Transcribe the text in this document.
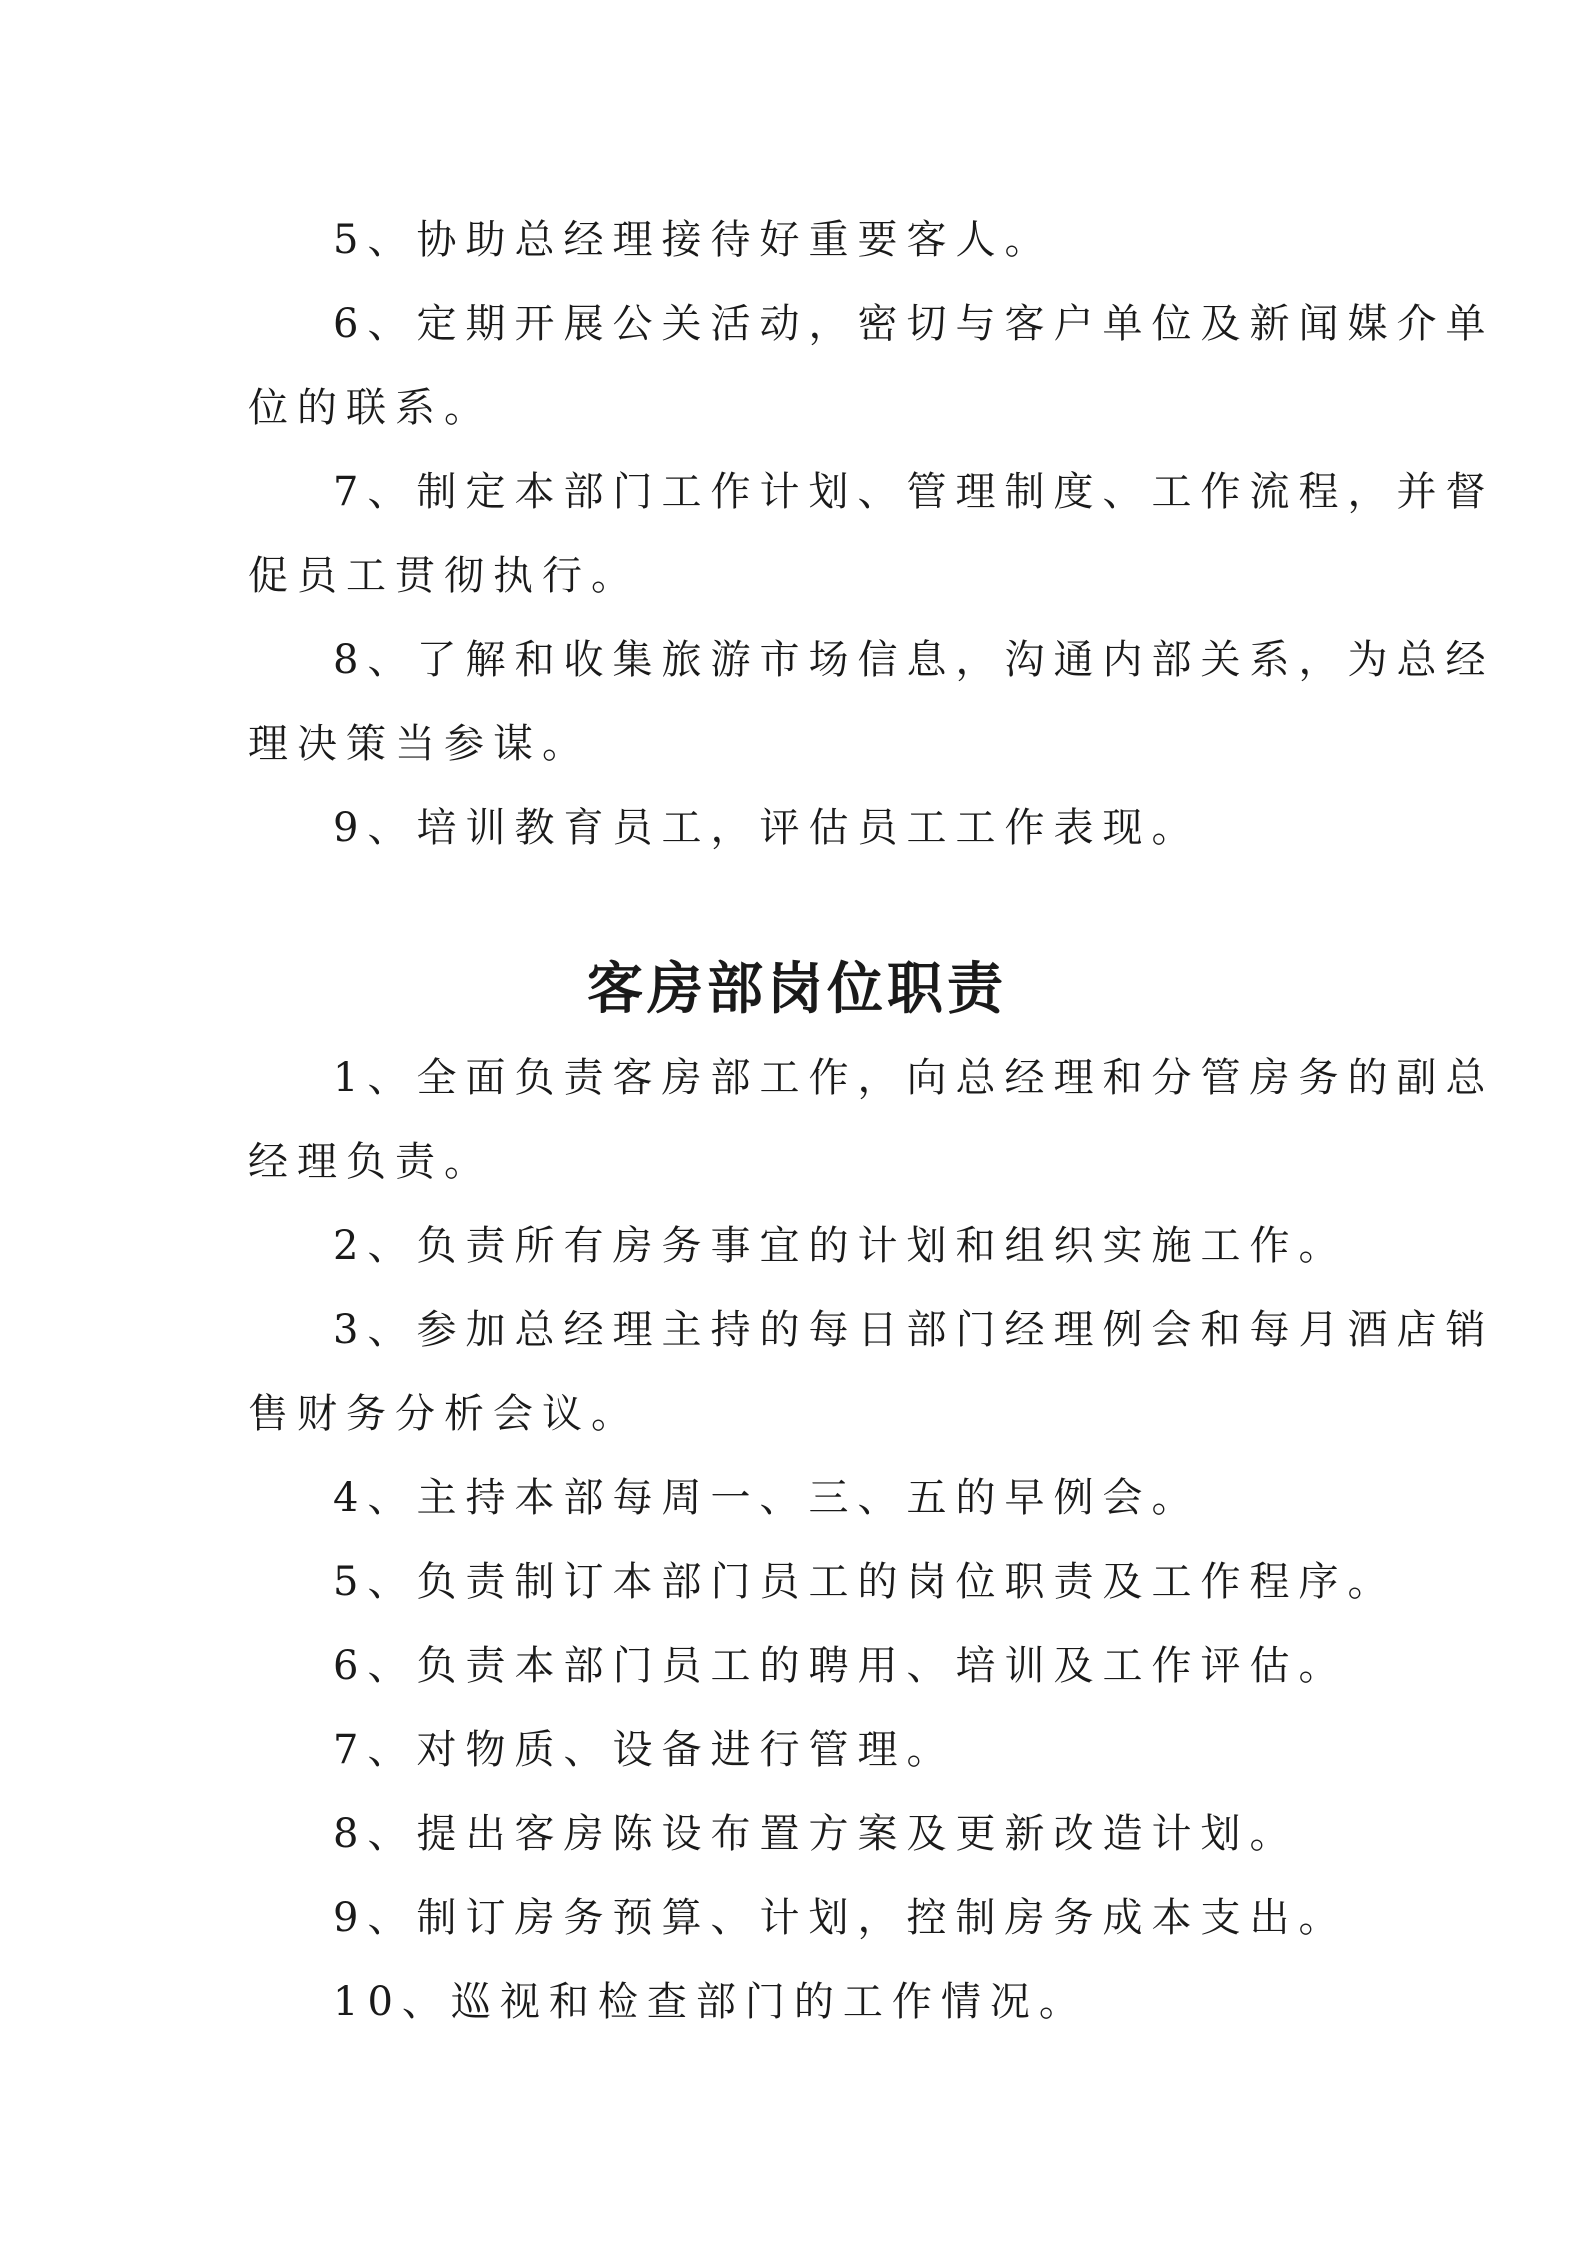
5、协助总经理接待好重要客人。
6、定期开展公关活动，密切与客户单位及新闻媒介单
位的联系。
7、制定本部门工作计划、管理制度、工作流程，并督
促员工贯彻执行。
8、了解和收集旅游市场信息，沟通内部关系，为总经
理决策当参谋。
9、培训教育员工，评估员工工作表现。
客房部岗位职责
1、全面负责客房部工作，向总经理和分管房务的副总
经理负责。
2、负责所有房务事宜的计划和组织实施工作。
3、参加总经理主持的每日部门经理例会和每月酒店销
售财务分析会议。
4、主持本部每周一、三、五的早例会。
5、负责制订本部门员工的岗位职责及工作程序。
6、负责本部门员工的聘用、培训及工作评估。
7、对物质、设备进行管理。
8、提出客房陈设布置方案及更新改造计划。
9、制订房务预算、计划，控制房务成本支出。
10、巡视和检查部门的工作情况。
